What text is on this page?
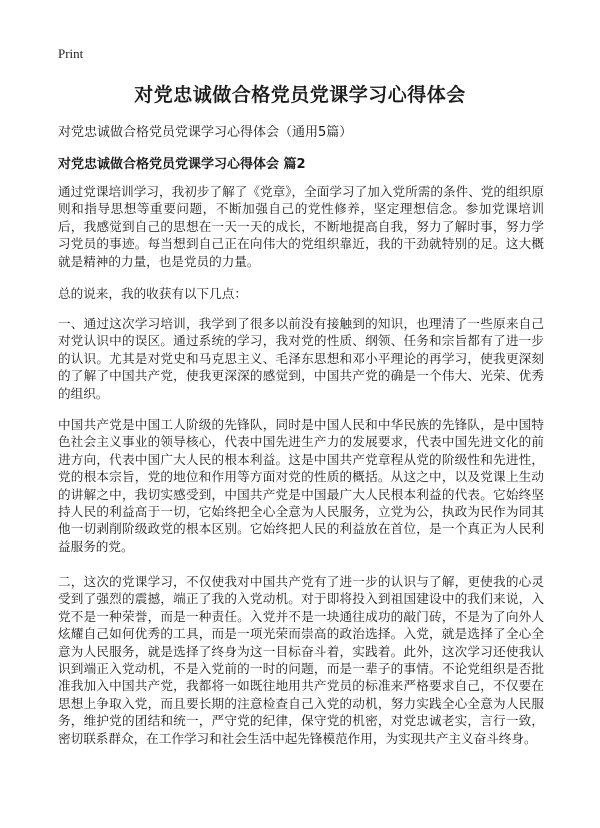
Print
对党忠诚做合格党员党课学习心得体会
对党忠诚做合格党员党课学习心得体会（通用5篇）
对党忠诚做合格党员党课学习心得体会 篇2

通过党课培训学习，我初步了解了《党章》，全面学习了加入党所需的条件、党的组织原则和指导思想等重要问题，不断加强自己的党性修养，坚定理想信念。参加党课培训后，我感觉到自己的思想在一天一天的成长，不断地提高自我，努力了解时事，努力学习党员的事迹。每当想到自己正在向伟大的党组织靠近，我的干劲就特别的足。这大概就是精神的力量，也是党员的力量。

总的说来，我的收获有以下几点：

一、通过这次学习培训，我学到了很多以前没有接触到的知识，也理清了一些原来自己对党认识中的误区。通过系统的学习，我对党的性质、纲领、任务和宗旨都有了进一步的认识。尤其是对党史和马克思主义、毛泽东思想和邓小平理论的再学习，使我更深刻的了解了中国共产党，使我更深深的感觉到，中国共产党的确是一个伟大、光荣、优秀的组织。

中国共产党是中国工人阶级的先锋队，同时是中国人民和中华民族的先锋队，是中国特色社会主义事业的领导核心，代表中国先进生产力的发展要求，代表中国先进文化的前进方向，代表中国广大人民的根本利益。这是中国共产党章程从党的阶级性和先进性，党的根本宗旨，党的地位和作用等方面对党的性质的概括。从这之中，以及党课上生动的讲解之中，我切实感受到，中国共产党是中国最广大人民根本利益的代表。它始终坚持人民的利益高于一切，它始终把全心全意为人民服务，立党为公，执政为民作为同其他一切剥削阶级政党的根本区别。它始终把人民的利益放在首位，是一个真正为人民利益服务的党。

二，这次的党课学习，不仅使我对中国共产党有了进一步的认识与了解，更使我的心灵受到了强烈的震撼，端正了我的入党动机。对于即将投入到祖国建设中的我们来说，入党不是一种荣誉，而是一种责任。入党并不是一块通往成功的敲门砖，不是为了向外人炫耀自己如何优秀的工具，而是一项光荣而崇高的政治选择。入党，就是选择了全心全意为人民服务，就是选择了终身为这一目标奋斗着，实践着。此外，这次学习还使我认识到端正入党动机，不是入党前的一时的问题，而是一辈子的事情。不论党组织是否批准我加入中国共产党，我都将一如既往地用共产党员的标准来严格要求自己，不仅要在思想上争取入党，而且要长期的注意检查自己入党的动机，努力实践全心全意为人民服务，维护党的团结和统一，严守党的纪律，保守党的机密，对党忠诚老实，言行一致，密切联系群众，在工作学习和社会生活中起先锋模范作用，为实现共产主义奋斗终身。
